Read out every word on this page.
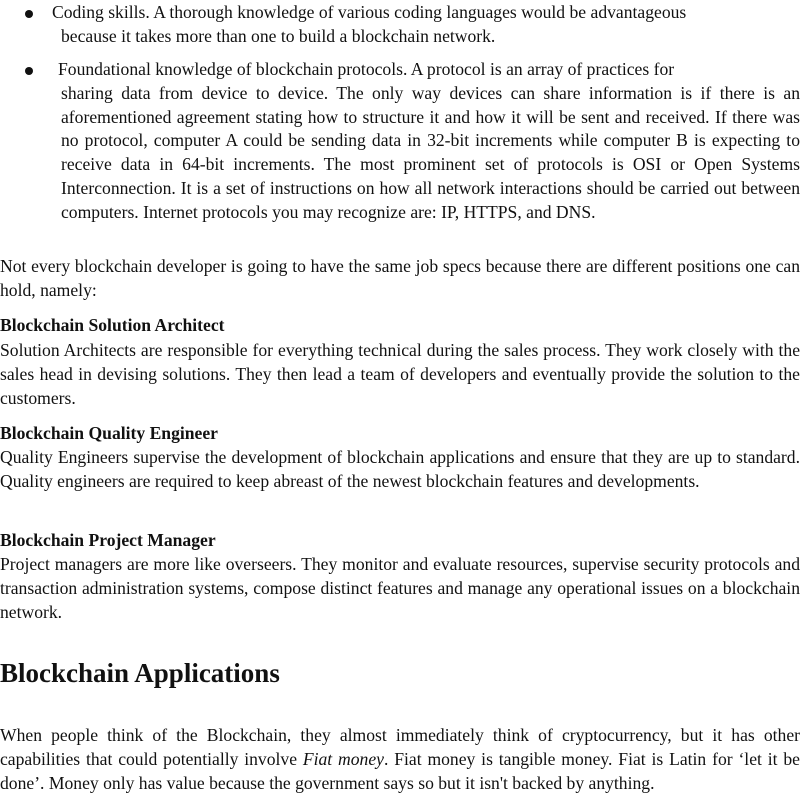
Coding skills. A thorough knowledge of various coding languages would be advantageous
because it takes more than one to build a blockchain network.
Foundational knowledge of blockchain protocols. A protocol is an array of practices for
sharing data from device to device. The only way devices can share information is if there is an aforementioned agreement stating how to structure it and how it will be sent and received. If there was no protocol, computer A could be sending data in 32-bit increments while computer B is expecting to receive data in 64-bit increments. The most prominent set of protocols is OSI or Open Systems Interconnection. It is a set of instructions on how all network interactions should be carried out between computers. Internet protocols you may recognize are: IP, HTTPS, and DNS.

Not every blockchain developer is going to have the same job specs because there are different positions one can hold, namely:

Blockchain Solution Architect

Solution Architects are responsible for everything technical during the sales process. They work closely with the sales head in devising solutions. They then lead a team of developers and eventually provide the solution to the customers.

Blockchain Quality Engineer

Quality Engineers supervise the development of blockchain applications and ensure that they are up to standard. Quality engineers are required to keep abreast of the newest blockchain features and developments.

Blockchain Project Manager

Project managers are more like overseers. They monitor and evaluate resources, supervise security protocols and transaction administration systems, compose distinct features and manage any operational issues on a blockchain network.

Blockchain Applications

When people think of the Blockchain, they almost immediately think of cryptocurrency, but it has other capabilities that could potentially involve Fiat money. Fiat money is tangible money. Fiat is Latin for ‘let it be done’. Money only has value because the government says so but it isn't backed by anything.
